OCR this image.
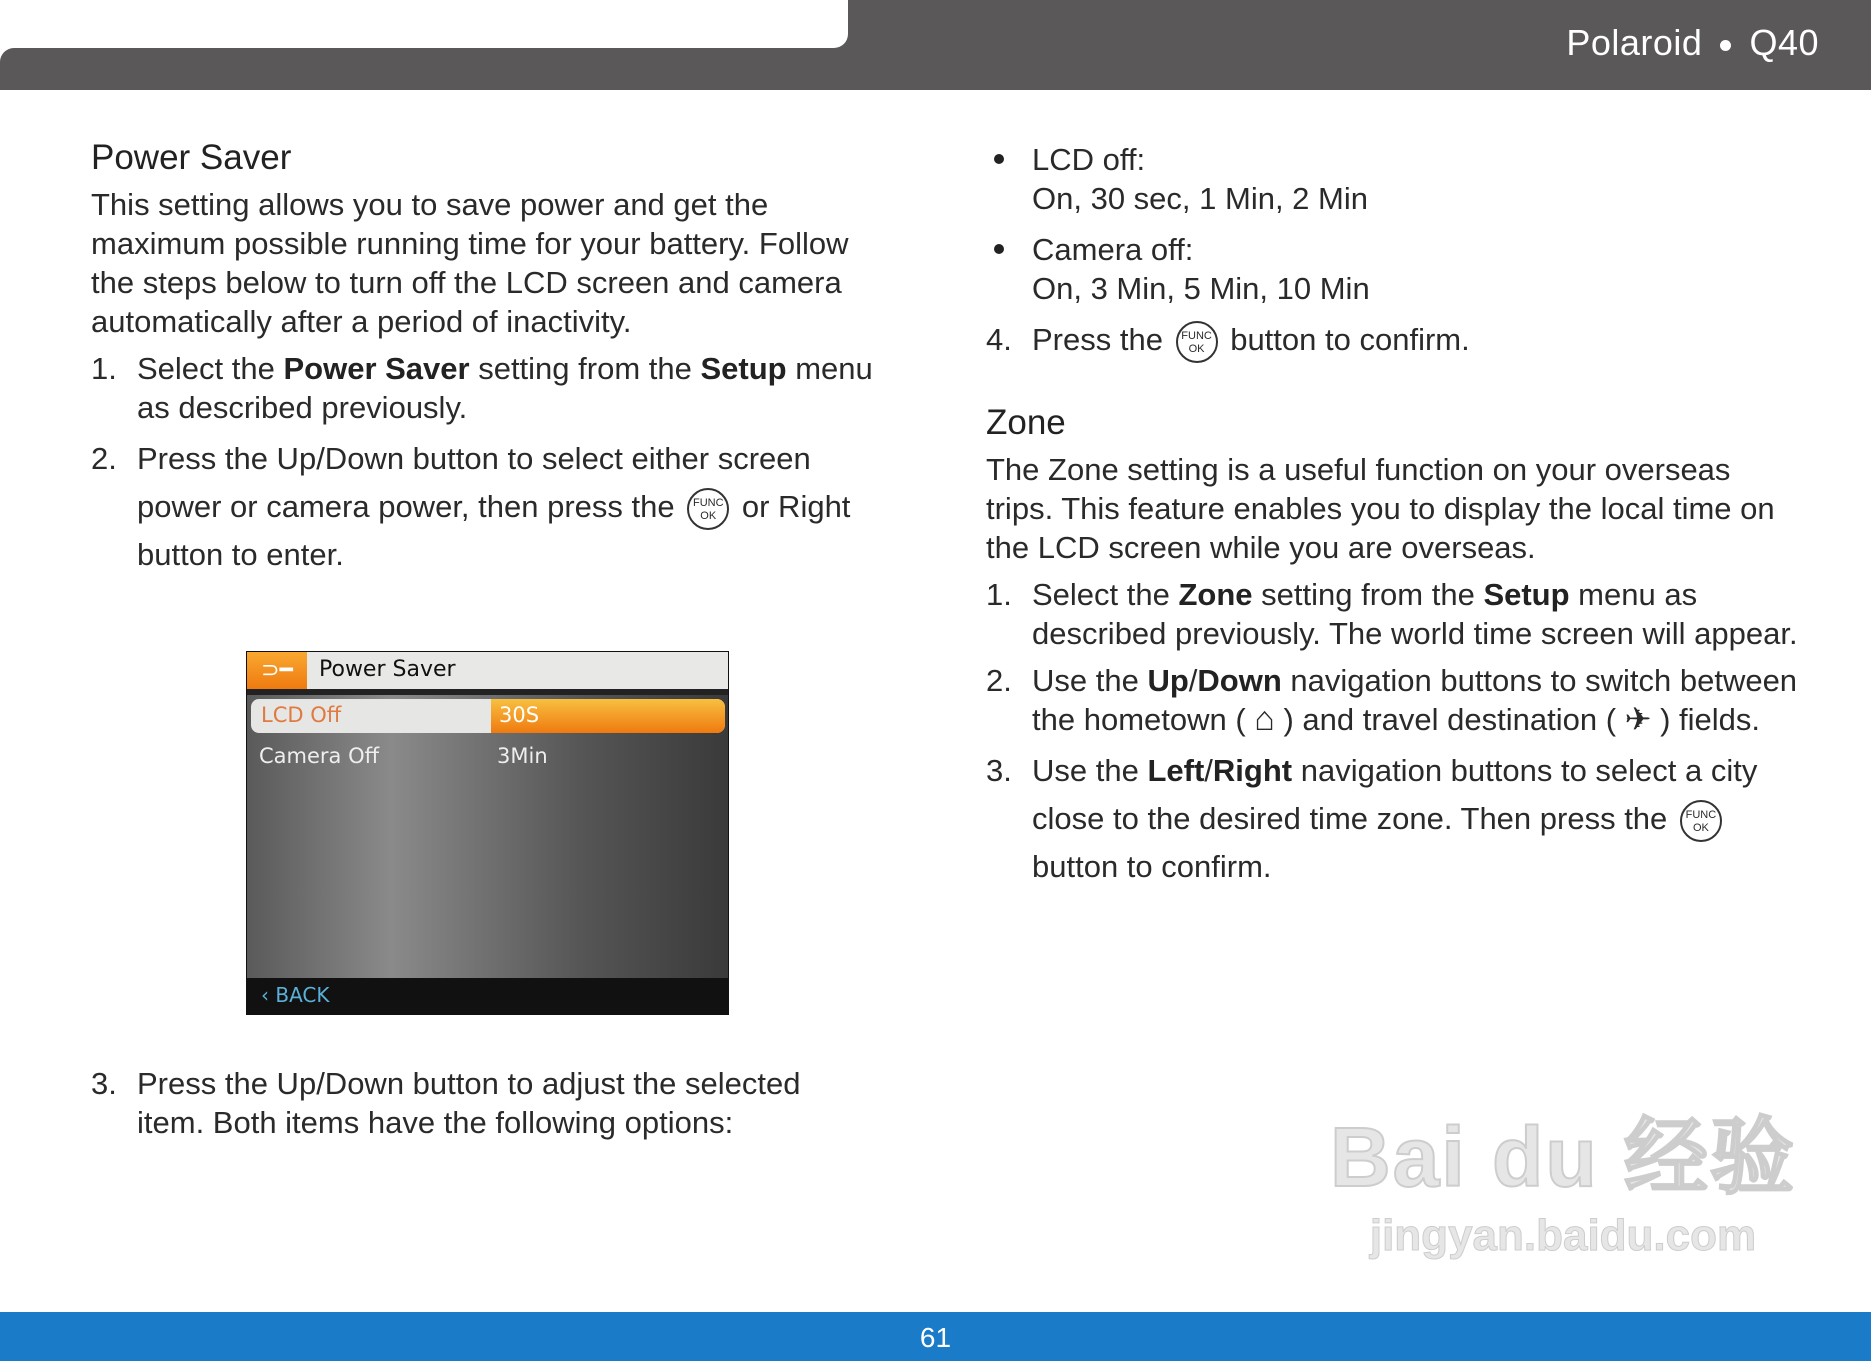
Polaroid Q40
Power Saver
This setting allows you to save power and get the maximum possible running time for your battery. Follow the steps below to turn off the LCD screen and camera automatically after a period of inactivity.
1. Select the Power Saver setting from the Setup menu as described previously.
2. Press the Up/Down button to select either screen power or camera power, then press the FUNC
OK or Right button to enter.
⊃━	Power Saver
LCD Off	30S
Camera Off	3Min
‹ BACK
3. Press the Up/Down button to adjust the selected item. Both items have the following options:
LCD off:
On, 30 sec, 1 Min, 2 Min
Camera off:
On, 3 Min, 5 Min, 10 Min
4. Press the FUNC
OK button to confirm.
Zone
The Zone setting is a useful function on your overseas trips. This feature enables you to display the local time on the LCD screen while you are overseas.
1. Select the Zone setting from the Setup menu as described previously. The world time screen will appear.
2. Use the Up/Down navigation buttons to switch between the hometown ( ⌂ ) and travel destination ( ✈ ) fields.
3. Use the Left/Right navigation buttons to select a city close to the desired time zone. Then press the FUNC
OK button to confirm.
Bai du 经验
jingyan.baidu.com
61
